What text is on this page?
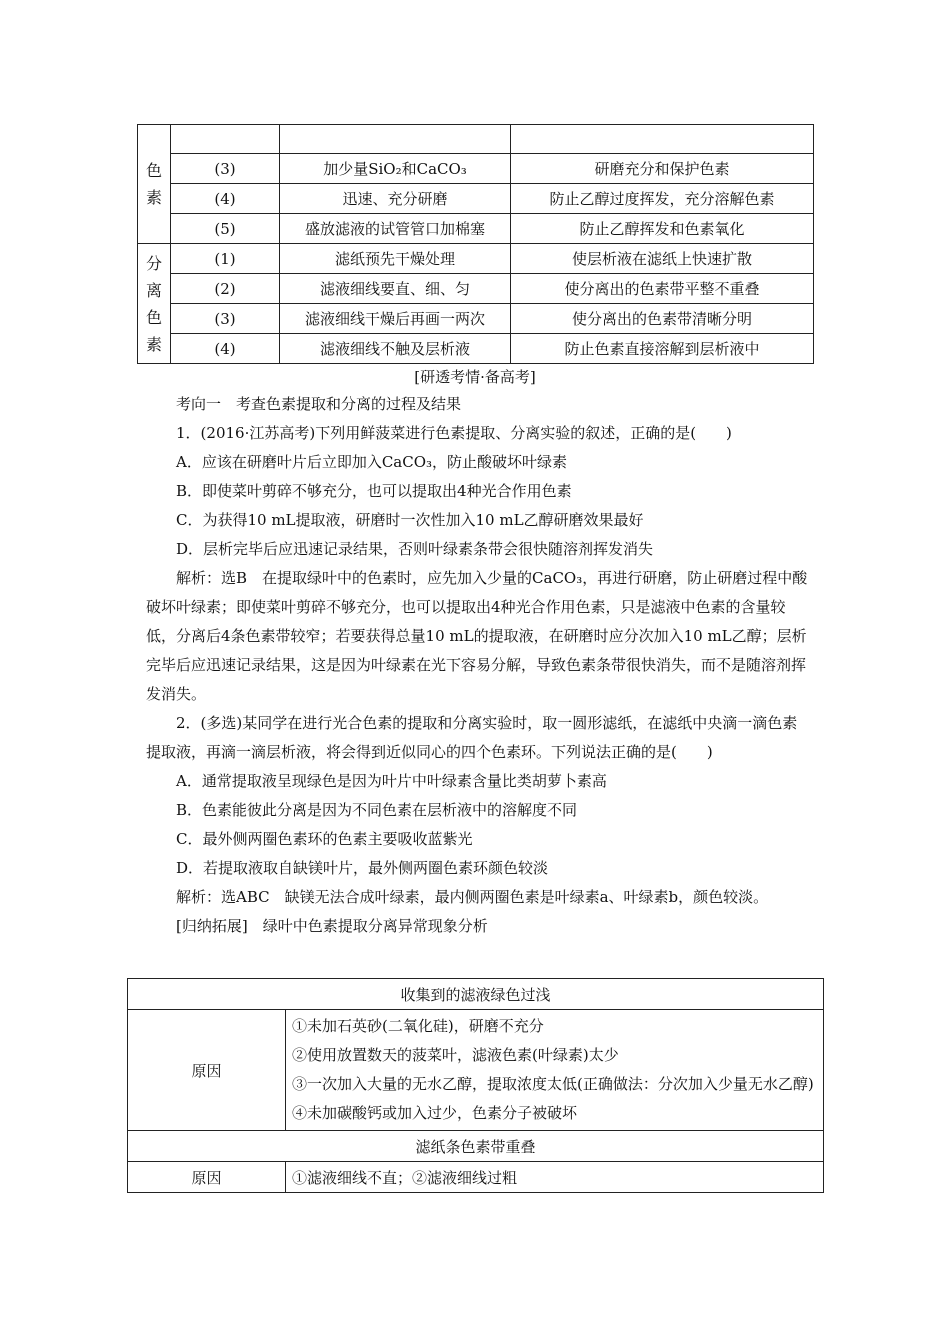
色
素			

	(3)	加少量SiO₂和CaCO₃	研磨充分和保护色素
	(4)	迅速、充分研磨	防止乙醇过度挥发，充分溶解色素
	(5)	盛放滤液的试管管口加棉塞	防止乙醇挥发和色素氧化

分
离
色
素	(1)	滤纸预先干燥处理	使层析液在滤纸上快速扩散
	(2)	滤液细线要直、细、匀	使分离出的色素带平整不重叠
	(3)	滤液细线干燥后再画一两次	使分离出的色素带清晰分明
	(4)	滤液细线不触及层析液	防止色素直接溶解到层析液中
[研透考情·备高考]

考向一　考查色素提取和分离的过程及结果

1．(2016·江苏高考)下列用鲜菠菜进行色素提取、分离实验的叙述，正确的是(　　)

A．应该在研磨叶片后立即加入CaCO₃，防止酸破坏叶绿素

B．即使菜叶剪碎不够充分，也可以提取出4种光合作用色素

C．为获得10 mL提取液，研磨时一次性加入10 mL乙醇研磨效果最好

D．层析完毕后应迅速记录结果，否则叶绿素条带会很快随溶剂挥发消失

解析：选B　在提取绿叶中的色素时，应先加入少量的CaCO₃，再进行研磨，防止研磨过程中酸破坏叶绿素；即使菜叶剪碎不够充分，也可以提取出4种光合作用色素，只是滤液中色素的含量较低，分离后4条色素带较窄；若要获得总量10 mL的提取液，在研磨时应分次加入10 mL乙醇；层析完毕后应迅速记录结果，这是因为叶绿素在光下容易分解，导致色素条带很快消失，而不是随溶剂挥发消失。

2．(多选)某同学在进行光合色素的提取和分离实验时，取一圆形滤纸，在滤纸中央滴一滴色素提取液，再滴一滴层析液，将会得到近似同心的四个色素环。下列说法正确的是(　　)

A．通常提取液呈现绿色是因为叶片中叶绿素含量比类胡萝卜素高

B．色素能彼此分离是因为不同色素在层析液中的溶解度不同

C．最外侧两圈色素环的色素主要吸收蓝紫光

D．若提取液取自缺镁叶片，最外侧两圈色素环颜色较淡

解析：选ABC　缺镁无法合成叶绿素，最内侧两圈色素是叶绿素a、叶绿素b，颜色较淡。

[归纳拓展]　绿叶中色素提取分离异常现象分析

收集到的滤液绿色过浅	
原因	①未加石英砂(二氧化硅)，研磨不充分
②使用放置数天的菠菜叶，滤液色素(叶绿素)太少
③一次加入大量的无水乙醇，提取浓度太低(正确做法：分次加入少量无水乙醇)
④未加碳酸钙或加入过少，色素分子被破坏

滤纸条色素带重叠	
原因	①滤液细线不直；②滤液细线过粗
